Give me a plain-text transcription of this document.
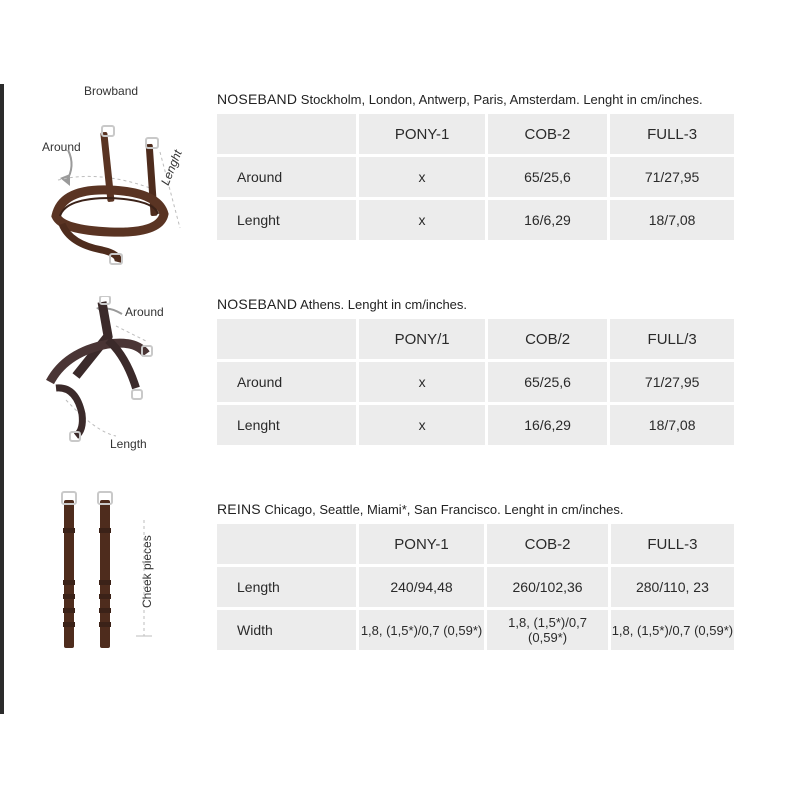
Browband
Around
Lenght
Around
Length
Cheek pieces
NOSEBAND Stockholm, London, Antwerp, Paris, Amsterdam. Lenght in cm/inches.
	PONY-1	COB-2	FULL-3
Around	x	65/25,6	71/27,95
Lenght	x	16/6,29	18/7,08
NOSEBAND Athens. Lenght in cm/inches.
	PONY/1	COB/2	FULL/3
Around	x	65/25,6	71/27,95
Lenght	x	16/6,29	18/7,08
REINS Chicago, Seattle, Miami*, San Francisco. Lenght in cm/inches.
	PONY-1	COB-2	FULL-3
Length	240/94,48	260/102,36	280/110, 23
Width	1,8, (1,5*)/0,7 (0,59*)	1,8, (1,5*)/0,7 (0,59*)	1,8, (1,5*)/0,7 (0,59*)
